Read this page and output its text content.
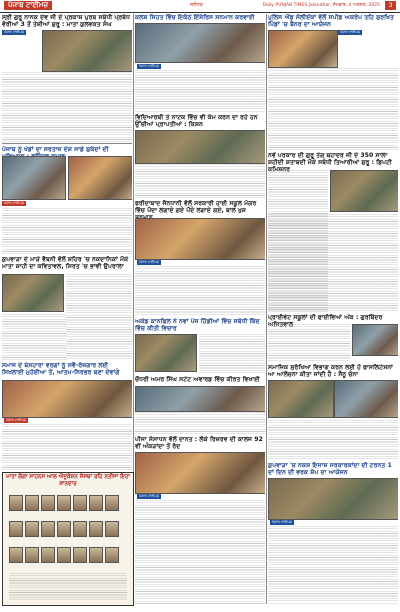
ਪੰਜਾਬ ਟਾਈਮਜ਼	ਜਲੰਧਰ	Daily PUNJAB TIMES Jalandhar, ਸੋਮਵਾਰ, 4 ਅਗਸਤ, 2025	3
ਸ੍ਰੀ ਗੁਰੂ ਨਾਨਕ ਦੇਵ ਜੀ ਦੇ ਪ੍ਰਕਾਸ਼ ਪੁਰਬ ਸਬੰਧੀ ਪ੍ਰਬੰਧ ਵੋਰੀਆਂ 3 ਤੋਂ ਤੇਜ਼ੀਆਂ ਸ਼ੁਰੂ : ਮਾਤਾ ਕੁਲਵਕਤ ਸੰਘ
ਪੰਜਾਬ ਟਾਈਮਜ਼
ਕਲਸ਼ ਸਿਹਤ ਵਿੱਚ ਇਕੱਠੇ ਇੰਸ਼ੋਰਿਸ ਸਨਮਾਨ ਕਰਵਾਈ
ਪੰਜਾਬ ਟਾਈਮਜ਼
ਪੁਲਿਸ ਐਂਡ ਸੋਲੀਏਂਕਾਂ ਵੱਲੋਂ ਸਪੀਡ ਅਕਰੋਪ ਤਹਿ ਸ਼ੁਰਖਿਤ ਪਿੰਡਾਂ 'ਚ ਬੈਨਰ ਦਾ ਆਯੋਜਨ
ਪੰਜਾਬ ਟਾਈਮਜ਼
ਵਿਦਿਆਰਥੀ ਤੇ ਨਾਟਕ ਵਿੱਚ ਵੀ ਕੰਮ ਕਰਨ ਦਾ ਰਹੇ ਹਨ ਉੱਚੀਆਂ ਪ੍ਰਾਪਤੀਆਂ : ਕਿਸ਼ਨ
ਪੰਜਾਬ ਨੂੰ ਖੇਡਾਂ ਦਾ ਸਰਤਾਜ ਦੇਸ਼ ਸਾਡੇ ਸ਼ੁਕੰਦਾਂ ਦੀ
ਪੰਜਾਬ ਟਾਈਮਜ਼
ਨਵੇਂ ਪਰਕਾਰ ਦੀ ਗੁਰੂ ਤੇਗ ਬਹਾਦਰ ਜੀ ਦੇ 350 ਸਾਲਾ ਸ਼ਹੀਦੀ ਸ਼ਤਾਬਦੀ ਮੌਕੇ ਸਬੰਧੀ ਤਿਆਰੀਆਂ ਸ਼ੁਰੂ : ਡਿਪਟੀ ਕਮਿਸ਼ਨਰ
ਫਰੀਦਾਬਾਦ ਜੈਨਧਾਨੀ ਵੱਲੋਂ ਸਰਕਾਰੀ ਹਾਈ ਸਕੂਲ ਮੱਗਰ ਵਿੱਚ ਪੌਦਾ ਲਗਾਏ ਗਏ ਪੌਦੇ ਲਗਾਏ ਗਏ, ਬਾਲ ਖੁਸ਼
ਪੰਜਾਬ ਟਾਈਮਜ਼
ਕੁਪਵਾੜਾ ਦੇ ਮਾੜੇ ਵੈਬਨੀ ਵੱਲੋਂ ਸ਼ਹਿਰ 'ਚ ਨਕਦਾਨਿਕਾਂ ਮੌਕੇ ਮਾਤਾ ਸ਼ਾਹੀ ਦਾ ਕਵਿਤਾਵਲ, ਸਿਰਤ 'ਚ ਭਾਵੀ ਉਪਰਾਲਾ
ਪ੍ਰਾਈਵੇਟ ਸਕੂਲਾਂ ਦੀ ਫਾਈਵਿਆਂ ਅੰਕ : ਗੁਰਬਿੰਦਰ ਅਜਿਤਵਾਲ
ਅਕੇਡ ਕਾਨਫਿਲ ਨੇ ਨਵਾਂ ਪੰਜ ਹਿੱਡੀਆਂ ਵਿੱਚ ਸਬੰਧੀ ਕਿੰਦ ਵਿੱਚ ਕੀਤੀ ਵਿਚਾਰ
ਸਮਾਜ ਦੇ ਬੇਸਹਾਰਾ ਵਰਗਾਂ ਨੂੰ ਸਵੈ-ਰੋਜ਼ਗਾਰ ਲਈ ਸਿਖਲਾਈ ਮੁਹੱਈਆ ਤੋਂ, ਆਤਮ-ਨਿਰਭਰ ਬਣਾ ਦੇਵਾਂਗੇ
ਪੰਜਾਬ ਟਾਈਮਜ਼
ਸਮਾਜਿਕ ਸੁਰੱਖਿਆ ਵਿਭਾਗ ਕਰਨ ਲਈ ਹੋ ਫਾਸਲਿਟੇਸ਼ਨਾਂ ਆ ਆਲੋਚਨਾ ਕੀਤਾ ਜਾਂਦੀ ਹੈ : ਸੈਨੂ ਚੰਨਾ
ਚੌਧਰੀ ਅਮਰ ਸਿੰਘ ਸਟੇਟ ਅਵਾਰਡ ਵਿੱਚ ਕੀਰਤ ਵਿਖਾਈ
ਪੀਜਾ ਸੰਸਾਧਨ ਵੱਲੋਂ ਦਾਨਤ : ਲੋਕੇ ਰਿਜ਼ਰਵ ਦੀ ਕਾਲਜ 92 ਵੀਂ ਅੰਕੜਾਂਦਾ ਤੋਂ ਰੱਦ
ਪੰਜਾਬ ਟਾਈਮਜ਼
ਕੁਪਵਾੜਾ 'ਚ ਨਕਸ਼ ਇਜਾਜ਼ ਸਰਕਾਰਕਾਂਦਾ ਦੀ ਟਰਨਤ 1 ਦਾਂ ਦਿਨ ਦੀ ਵਰਕ ਸ਼ੋਪ ਦਾ ਆਯੋਜਨ
ਪੰਜਾਬ ਟਾਈਮਜ਼
ਮਾਤਾ ਗੰਗਾ ਸਾਹਨਸ ਆਲ ਐਜੂਕੇਸ਼ਨ ਸੰਸਥਾ ਰਹਿ ਨਤੀਜਾ ਇਹਾ ਸ਼ਾਨਦਾਰ
